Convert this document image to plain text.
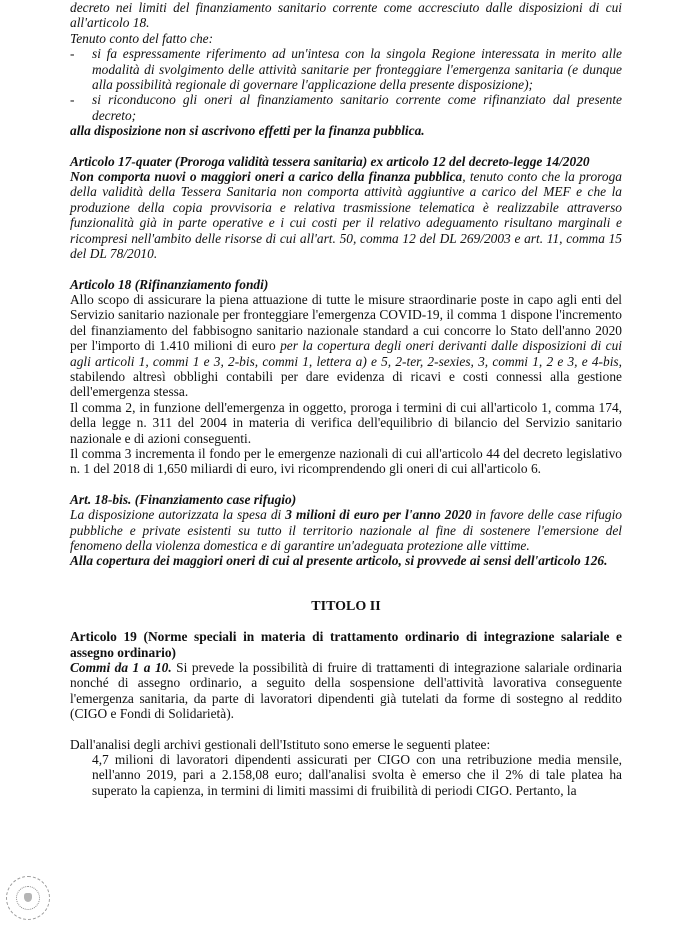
decreto nei limiti del finanziamento sanitario corrente come accresciuto dalle disposizioni di cui all'articolo 18.

Tenuto conto del fatto che:

-	si fa espressamente riferimento ad un'intesa con la singola Regione interessata in merito alle modalità di svolgimento delle attività sanitarie per fronteggiare l'emergenza sanitaria (e dunque alla possibilità regionale di governare l'applicazione della presente disposizione);
-	si riconducono gli oneri al finanziamento sanitario corrente come rifinanziato dal presente decreto;

alla disposizione non si ascrivono effetti per la finanza pubblica.

Articolo 17-quater (Proroga validità tessera sanitaria) ex articolo 12 del decreto-legge 14/2020

Non comporta nuovi o maggiori oneri a carico della finanza pubblica, tenuto conto che la proroga della validità della Tessera Sanitaria non comporta attività aggiuntive a carico del MEF e che la produzione della copia provvisoria e relativa trasmissione telematica è realizzabile attraverso funzionalità già in parte operative e i cui costi per il relativo adeguamento risultano marginali e ricompresi nell'ambito delle risorse di cui all'art. 50, comma 12 del DL 269/2003 e art. 11, comma 15 del DL 78/2010.

Articolo 18 (Rifinanziamento fondi)

Allo scopo di assicurare la piena attuazione di tutte le misure straordinarie poste in capo agli enti del Servizio sanitario nazionale per fronteggiare l'emergenza COVID-19, il comma 1 dispone l'incremento del finanziamento del fabbisogno sanitario nazionale standard a cui concorre lo Stato dell'anno 2020 per l'importo di 1.410 milioni di euro per la copertura degli oneri derivanti dalle disposizioni di cui agli articoli 1, commi 1 e 3, 2-bis, commi 1, lettera a) e 5, 2-ter, 2-sexies, 3, commi 1, 2 e 3, e 4-bis, stabilendo altresì obblighi contabili per dare evidenza di ricavi e costi connessi alla gestione dell'emergenza stessa.

Il comma 2, in funzione dell'emergenza in oggetto, proroga i termini di cui all'articolo 1, comma 174, della legge n. 311 del 2004 in materia di verifica dell'equilibrio di bilancio del Servizio sanitario nazionale e di azioni conseguenti.

Il comma 3 incrementa il fondo per le emergenze nazionali di cui all'articolo 44 del decreto legislativo n. 1 del 2018 di 1,650 miliardi di euro, ivi ricomprendendo gli oneri di cui all'articolo 6.

Art. 18-bis. (Finanziamento case rifugio)

La disposizione autorizzata la spesa di 3 milioni di euro per l'anno 2020 in favore delle case rifugio pubbliche e private esistenti su tutto il territorio nazionale al fine di sostenere l'emersione del fenomeno della violenza domestica e di garantire un'adeguata protezione alle vittime.

Alla copertura dei maggiori oneri di cui al presente articolo, si provvede ai sensi dell'articolo 126.

TITOLO II

Articolo 19 (Norme speciali in materia di trattamento ordinario di integrazione salariale e assegno ordinario)

Commi da 1 a 10. Si prevede la possibilità di fruire di trattamenti di integrazione salariale ordinaria nonché di assegno ordinario, a seguito della sospensione dell'attività lavorativa conseguente l'emergenza sanitaria, da parte di lavoratori dipendenti già tutelati da forme di sostegno al reddito (CIGO e Fondi di Solidarietà).

Dall'analisi degli archivi gestionali dell'Istituto sono emerse le seguenti platee:

4,7 milioni di lavoratori dipendenti assicurati per CIGO con una retribuzione media mensile, nell'anno 2019, pari a 2.158,08 euro; dall'analisi svolta è emerso che il 2% di tale platea ha superato la capienza, in termini di limiti massimi di fruibilità di periodi CIGO. Pertanto, la
